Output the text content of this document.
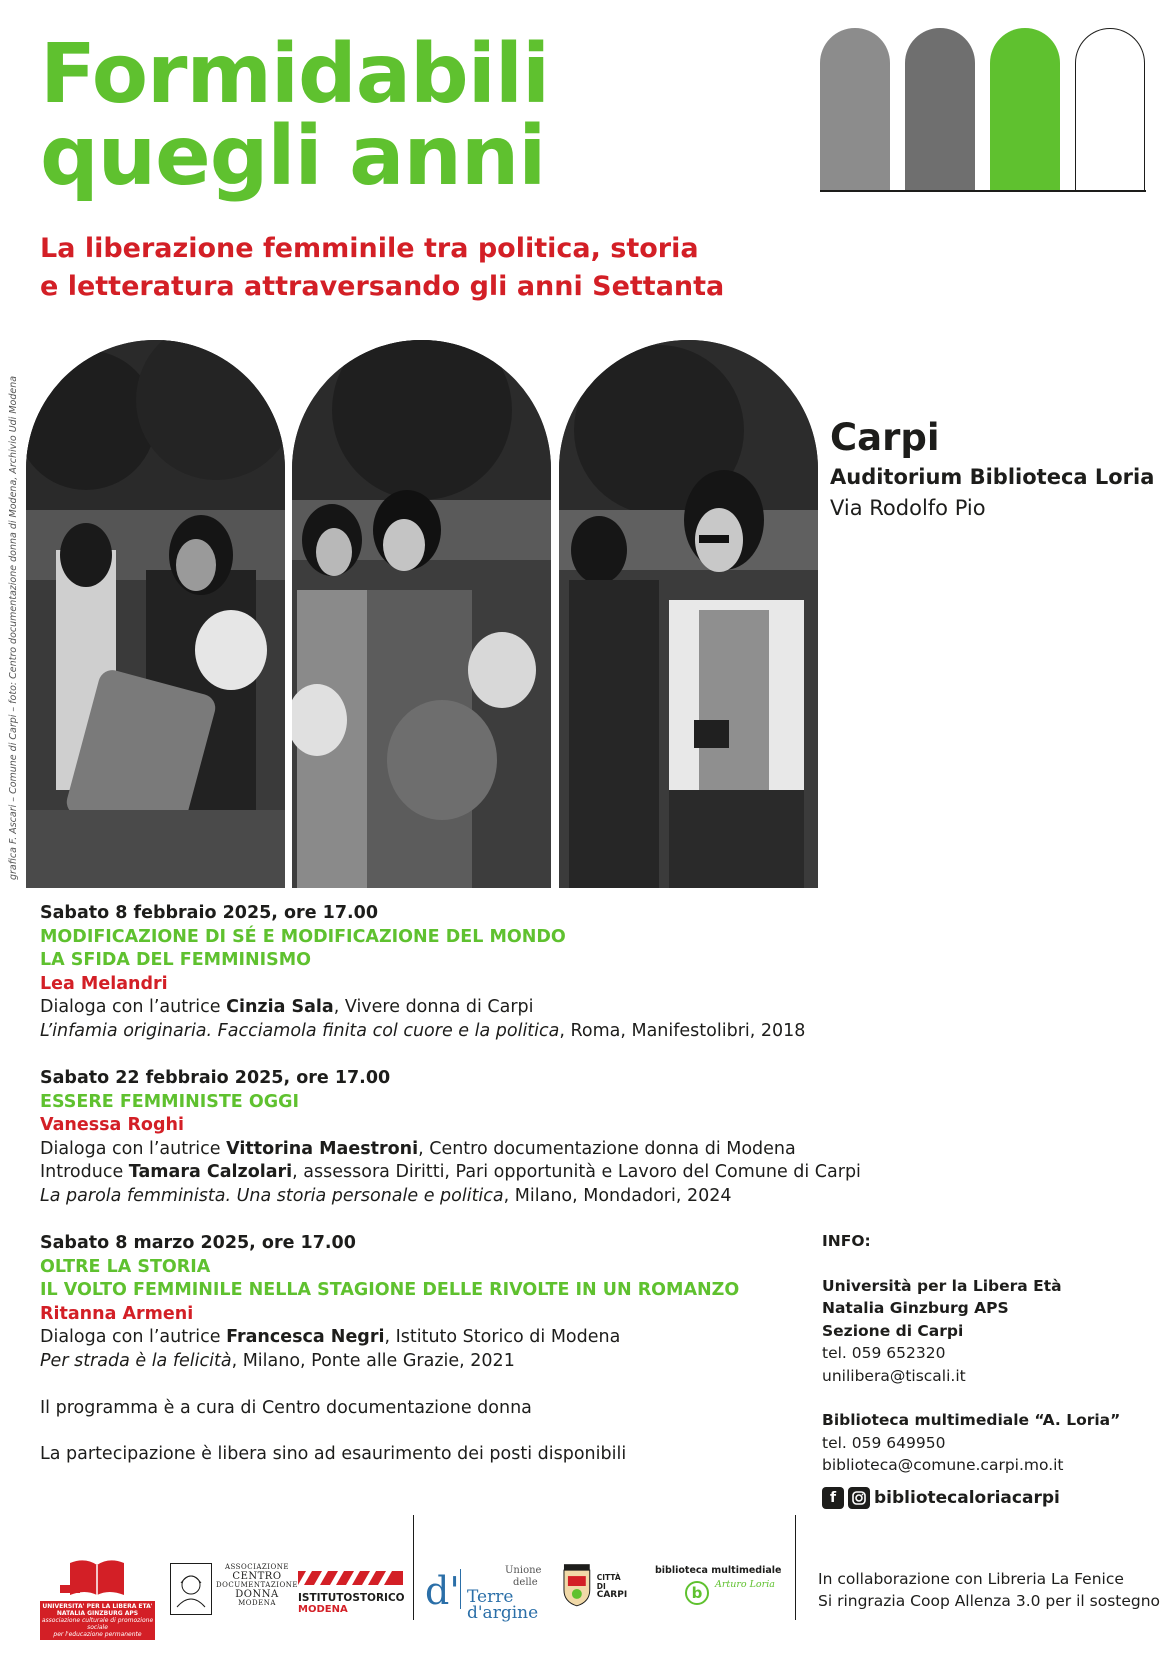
Formidabili
quegli anni
La liberazione femminile tra politica, storia
e letteratura attraversando gli anni Settanta
grafica F. Ascari – Comune di Carpi – foto: Centro documentazione donna di Modena, Archivio Udi Modena	Carpi
Auditorium Biblioteca Loria
Via Rodolfo Pio
Sabato 8 febbraio 2025, ore 17.00
MODIFICAZIONE DI SÉ E MODIFICAZIONE DEL MONDO
LA SFIDA DEL FEMMINISMO
Lea Melandri
Dialoga con l’autrice Cinzia Sala, Vivere donna di Carpi
L’infamia originaria. Facciamola finita col cuore e la politica, Roma, Manifestolibri, 2018
Sabato 22 febbraio 2025, ore 17.00
ESSERE FEMMINISTE OGGI
Vanessa Roghi
Dialoga con l’autrice Vittorina Maestroni, Centro documentazione donna di Modena
Introduce Tamara Calzolari, assessora Diritti, Pari opportunità e Lavoro del Comune di Carpi
La parola femminista. Una storia personale e politica, Milano, Mondadori, 2024
Sabato 8 marzo 2025, ore 17.00
OLTRE LA STORIA
IL VOLTO FEMMINILE NELLA STAGIONE DELLE RIVOLTE IN UN ROMANZO
Ritanna Armeni
Dialoga con l’autrice Francesca Negri, Istituto Storico di Modena
Per strada è la felicità, Milano, Ponte alle Grazie, 2021
Il programma è a cura di Centro documentazione donna
La partecipazione è libera sino ad esaurimento dei posti disponibili
INFO:
Università per la Libera Età
Natalia Ginzburg APS
Sezione di Carpi
tel. 059 652320
unilibera@tiscali.it
Biblioteca multimediale “A. Loria”
tel. 059 649950
biblioteca@comune.carpi.mo.it
f	bibliotecaloriacarpi
UNIVERSITA' PER LA LIBERA ETA'
NATALIA GINZBURG APS
associazione culturale di promozione sociale
per l'educazione permanente
ASSOCIAZIONE
CENTRO
DOCUMENTAZIONE
DONNA
MODENA	ISTITUTOSTORICO
MODENA	d'	Unione
delle
Terre
d'argine
CITTÀ DI
CARPI
biblioteca multimediale
b	Arturo Loria	In collaborazione con Libreria La Fenice
Si ringrazia Coop Allenza 3.0 per il sostegno
